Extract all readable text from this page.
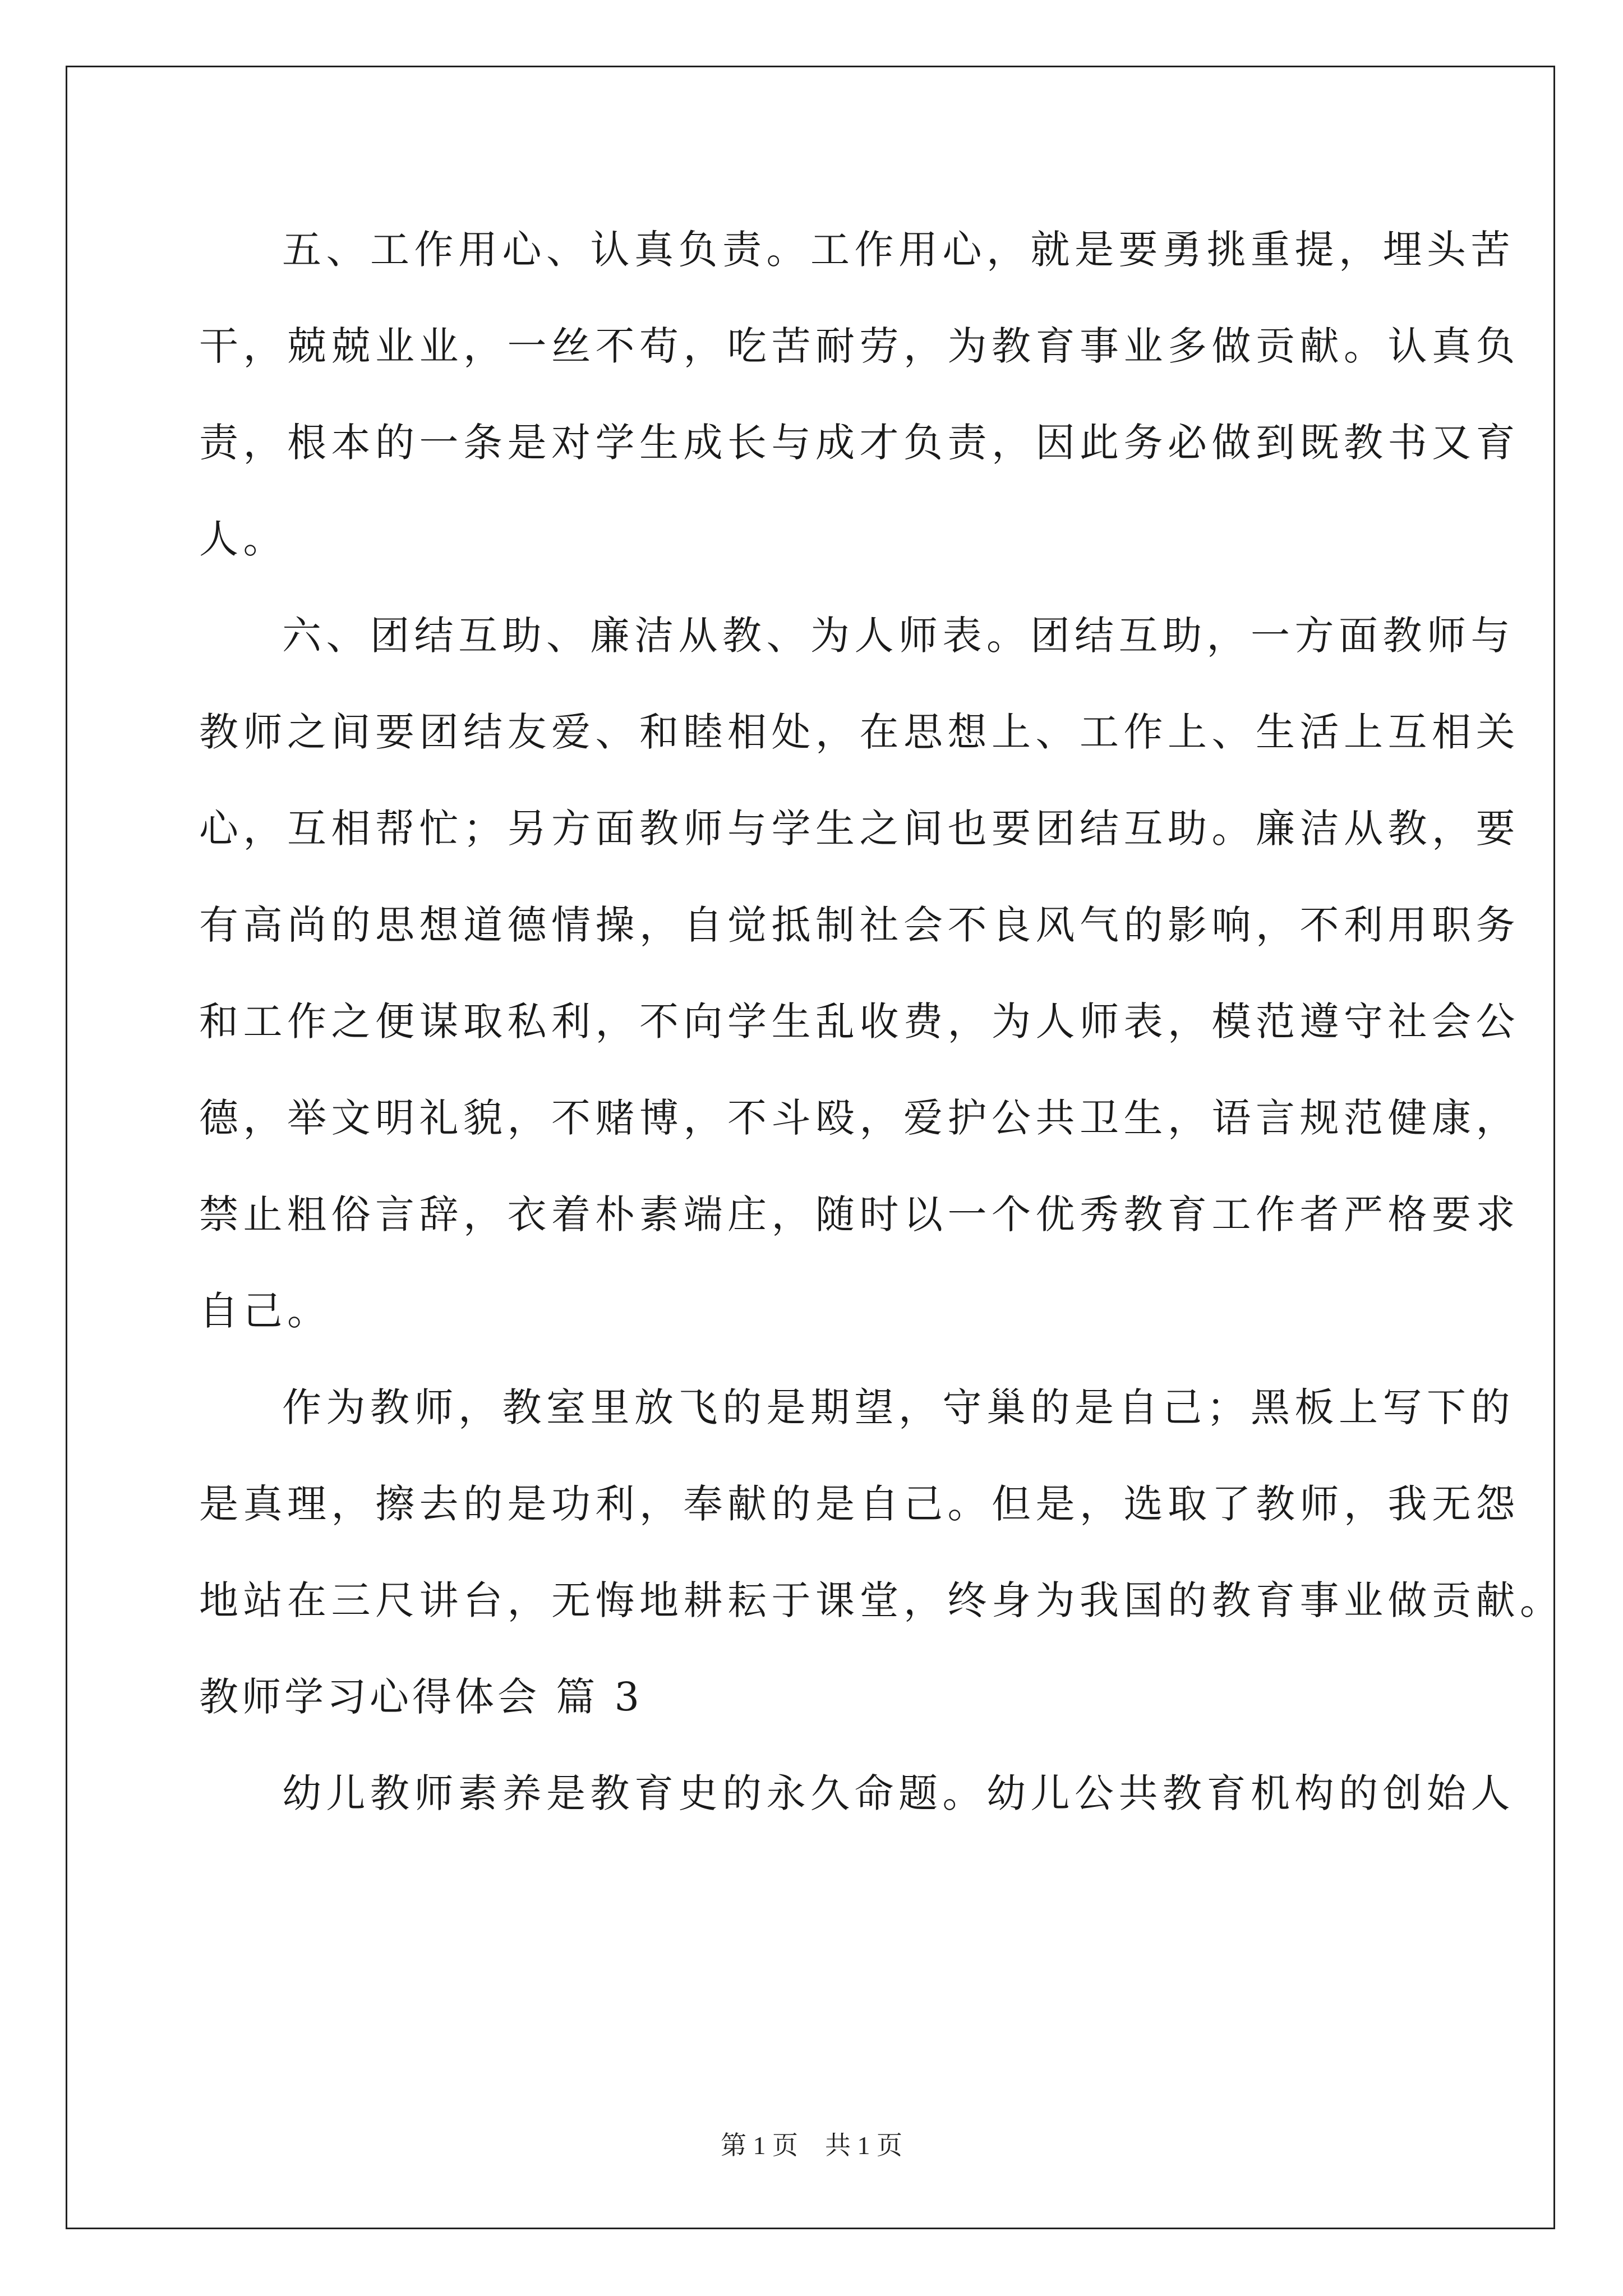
五、工作用心、认真负责。工作用心，就是要勇挑重提，埋头苦
干，兢兢业业，一丝不苟，吃苦耐劳，为教育事业多做贡献。认真负
责，根本的一条是对学生成长与成才负责，因此务必做到既教书又育
人。
六、团结互助、廉洁从教、为人师表。团结互助，一方面教师与
教师之间要团结友爱、和睦相处，在思想上、工作上、生活上互相关
心，互相帮忙；另方面教师与学生之间也要团结互助。廉洁从教，要
有高尚的思想道德情操，自觉抵制社会不良风气的影响，不利用职务
和工作之便谋取私利，不向学生乱收费，为人师表，模范遵守社会公
德，举文明礼貌，不赌博，不斗殴，爱护公共卫生，语言规范健康，
禁止粗俗言辞，衣着朴素端庄，随时以一个优秀教育工作者严格要求
自己。
作为教师，教室里放飞的是期望，守巢的是自己；黑板上写下的
是真理，擦去的是功利，奉献的是自己。但是，选取了教师，我无怨
地站在三尺讲台，无悔地耕耘于课堂，终身为我国的教育事业做贡献。
教师学习心得体会 篇 3
幼儿教师素养是教育史的永久命题。幼儿公共教育机构的创始人
第 1 页 共 1 页
